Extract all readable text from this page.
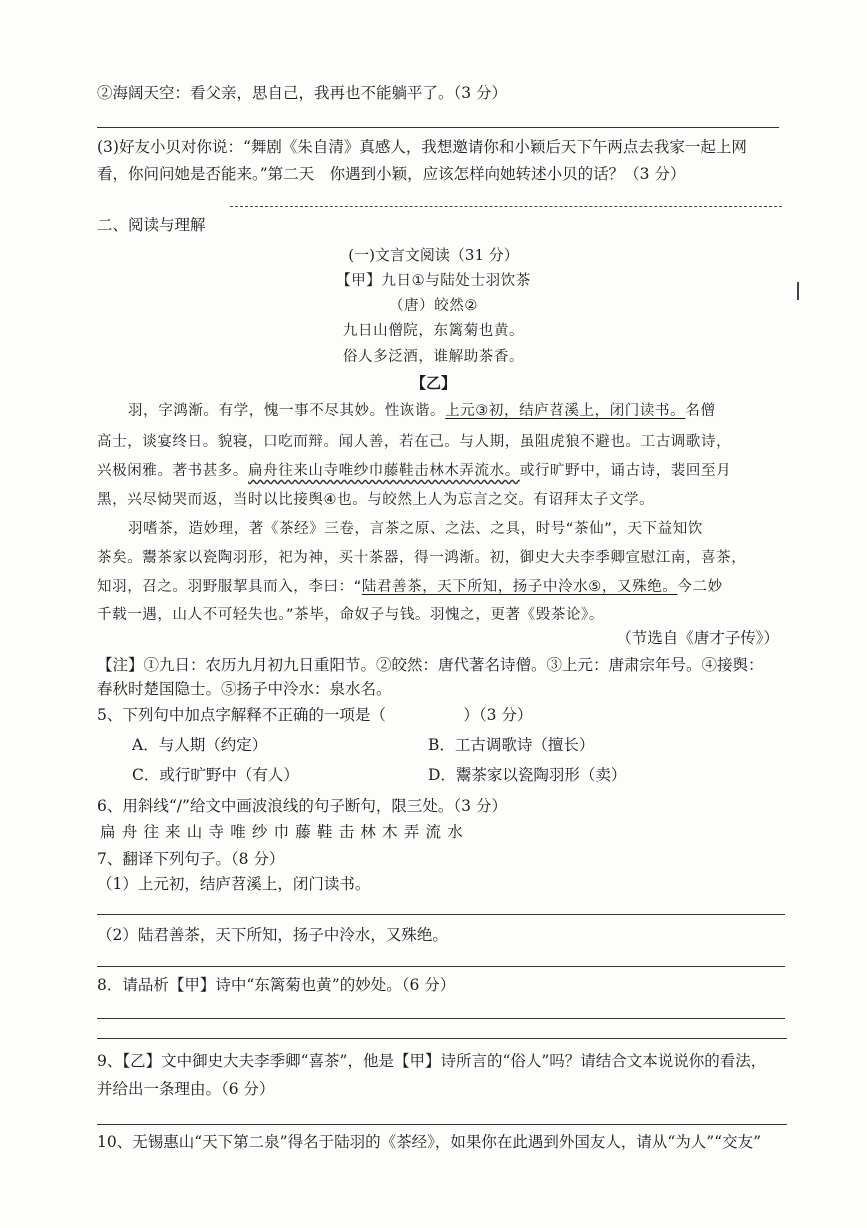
②海阔天空：看父亲，思自己，我再也不能躺平了。（3 分）
(3)好友小贝对你说：“舞剧《朱自清》真感人，我想邀请你和小颖后天下午两点去我家一起上网
看，你问问她是否能来。”第二天　你遇到小颖，应该怎样向她转述小贝的话？（3 分）
二、阅读与理解
(一)文言文阅读（31 分）
【甲】九日①与陆处士羽饮茶
（唐）皎然②
九日山僧院，东篱菊也黄。
俗人多泛酒，谁解助茶香。
【乙】
羽，字鸿渐。有学，愧一事不尽其妙。性诙谐。上元③初，结庐苕溪上，闭门读书。名僧
高士，谈宴终日。貌寝，口吃而辩。闻人善，若在己。与人期，虽阻虎狼不避也。工古调歌诗，
兴极闲雅。著书甚多。扁舟往来山寺唯纱巾藤鞋击林木弄流水。或行旷野中，诵古诗，裴回至月
黑，兴尽恸哭而返，当时以比接舆④也。与皎然上人为忘言之交。有诏拜太子文学。
羽嗜茶，造妙理，著《茶经》三卷，言茶之原、之法、之具，时号“茶仙”，天下益知饮
茶矣。鬻茶家以瓷陶羽形，祀为神，买十茶器，得一鸿渐。初，御史大夫李季卿宣慰江南，喜茶，
知羽，召之。羽野服挈具而入，李曰：“陆君善茶，天下所知，扬子中泠水⑤，又殊绝。今二妙
千载一遇，山人不可轻失也。”茶毕，命奴子与钱。羽愧之，更著《毁茶论》。
（节选自《唐才子传》）
【注】①九日：农历九月初九日重阳节。②皎然：唐代著名诗僧。③上元：唐肃宗年号。④接舆：
春秋时楚国隐士。⑤扬子中泠水：泉水名。
5、下列句中加点字解释不正确的一项是（　　　　　）（3 分）
A．与人期（约定）	B．工古调歌诗（擅长）
C．或行旷野中（有人）	D．鬻茶家以瓷陶羽形（卖）
6、用斜线“/”给文中画波浪线的句子断句，限三处。（3 分）
扁舟往来山寺唯纱巾藤鞋击林木弄流水
7、翻译下列句子。（8 分）
（1）上元初，结庐苕溪上，闭门读书。
（2）陆君善茶，天下所知，扬子中泠水，又殊绝。
8．请品析【甲】诗中“东篱菊也黄”的妙处。（6 分）
9、【乙】文中御史大夫李季卿“喜茶”，他是【甲】诗所言的“俗人”吗？请结合文本说说你的看法，
并给出一条理由。（6 分）
10、无锡惠山“天下第二泉”得名于陆羽的《茶经》，如果你在此遇到外国友人，请从“为人”“交友”
